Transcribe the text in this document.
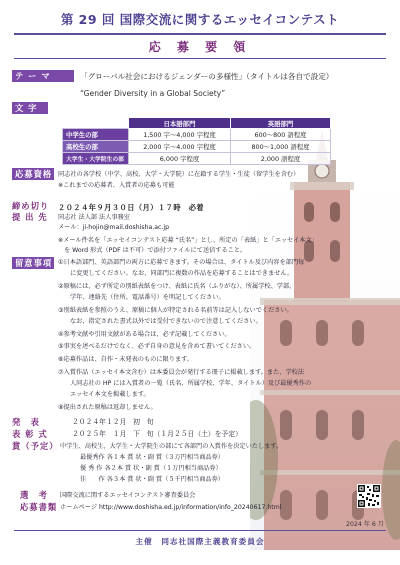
第 29 回 国際交流に関するエッセイコンテスト
応 募 要 領
テ ー マ	「グローバル社会におけるジェンダーの多様性」（タイトルは各自で設定）
“Gender Diversity in a Global Society”
文 字 数
		日本語部門	英語部門
中学生の部	1,500 字～4,000 字程度	600～800 語程度
高校生の部	2,000 字～4,000 字程度	800～1,000 語程度
大学生・大学院生の部	6,000 字程度	2,000 語程度
応募資格 同志社の各学校（中学、高校、大学・大学院）に在籍する学生・生徒（留学生を含む）
※これまでの応募者、入賞者の応募も可能
締め切り ２０２４年９月３０日（月）１７時　必着
提 出 先 同志社 法人部 法人事務室
メール：ji-hojin@mail.doshisha.ac.jp
※メール件名を「エッセイコンテスト応募 “氏名”」とし、所定の「表紙」と「エッセイ本文」
を Word 形式（PDF は不可）で添付ファイルにて送信すること。
留意事項 ①日本語部門、英語部門の両方に応募できます。その場合は、タイトル及び内容を部門毎
に変更してください。なお、同部門に複数の作品を応募することはできません。
②原稿には、必ず所定の別紙表紙をつけ、表紙に氏名（ふりがな）、所属学校、学部、
学年、連絡先（住所、電話番号）を明記してください。
③別紙表紙を参照のうえ、原稿に個人が特定される名前等は記入しないでください。
なお、指定された書式以外では受付できないので注意してください。
④参考文献や引用文献がある場合は、必ず記載してください。
⑤事実を述べるだけでなく、必ず自身の意見を含めて書いてください。
⑥応募作品は、自作・未発表のものに限ります。
⑦入賞作品（エッセイ本文含む）は本委員会が発行する冊子に掲載します。また、学校法
人同志社の HP には入賞者の一覧（氏名、所属学校、学年、タイトル）及び最優秀作の
エッセイ本文を掲載します。
⑧提出された原稿は返却しません。
発　表	２０２４年１２月　初　旬
表 彰 式	２０２５年　１月　下　旬（１月２５日（土）を予定）
賞（予定） 中学生、高校生、大学生・大学院生の部にて各部門の入賞作を決定いたします。
最優秀作 各１本 賞 状・副 賞（３万円相当商品券）
優 秀 作 各２本 賞 状・副 賞（１万円相当商品券）
佳　　作 各３本 賞 状・副 賞（５千円相当商品券）
選　考 国際交流に関するエッセイコンテスト審査委員会
応募書類 ホームページ http://www.doshisha.ed.jp/information/info_20240617.html
2024 年 6 月
主催　同志社国際主義教育委員会
